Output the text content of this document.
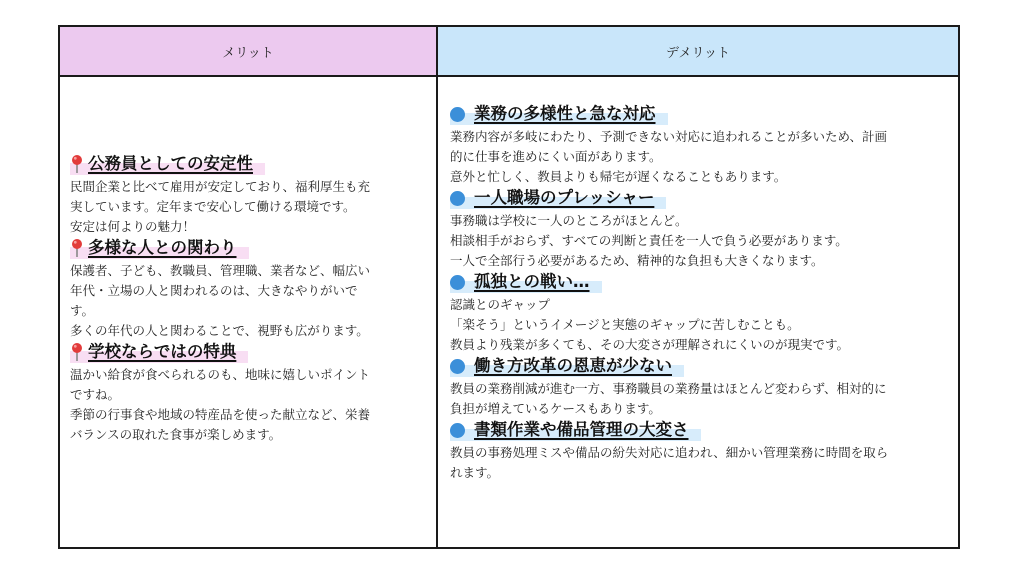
メリット	デメリット
公務員としての安定性

民間企業と比べて雇用が安定しており、福利厚生も充

実しています。定年まで安心して働ける環境です。

安定は何よりの魅力！

多様な人との関わり

保護者、子ども、教職員、管理職、業者など、幅広い

年代・立場の人と関われるのは、大きなやりがいで

す。

多くの年代の人と関わることで、視野も広がります。

学校ならではの特典

温かい給食が食べられるのも、地味に嬉しいポイント

ですね。

季節の行事食や地域の特産品を使った献立など、栄養

バランスの取れた食事が楽しめます。

業務の多様性と急な対応

業務内容が多岐にわたり、予測できない対応に追われることが多いため、計画

的に仕事を進めにくい面があります。

意外と忙しく、教員よりも帰宅が遅くなることもあります。

一人職場のプレッシャー

事務職は学校に一人のところがほとんど。

相談相手がおらず、すべての判断と責任を一人で負う必要があります。

一人で全部行う必要があるため、精神的な負担も大きくなります。

孤独との戦い…

認識とのギャップ

「楽そう」というイメージと実態のギャップに苦しむことも。

教員より残業が多くても、その大変さが理解されにくいのが現実です。

働き方改革の恩恵が少ない

教員の業務削減が進む一方、事務職員の業務量はほとんど変わらず、相対的に

負担が増えているケースもあります。

書類作業や備品管理の大変さ

教員の事務処理ミスや備品の紛失対応に追われ、細かい管理業務に時間を取ら

れます。
